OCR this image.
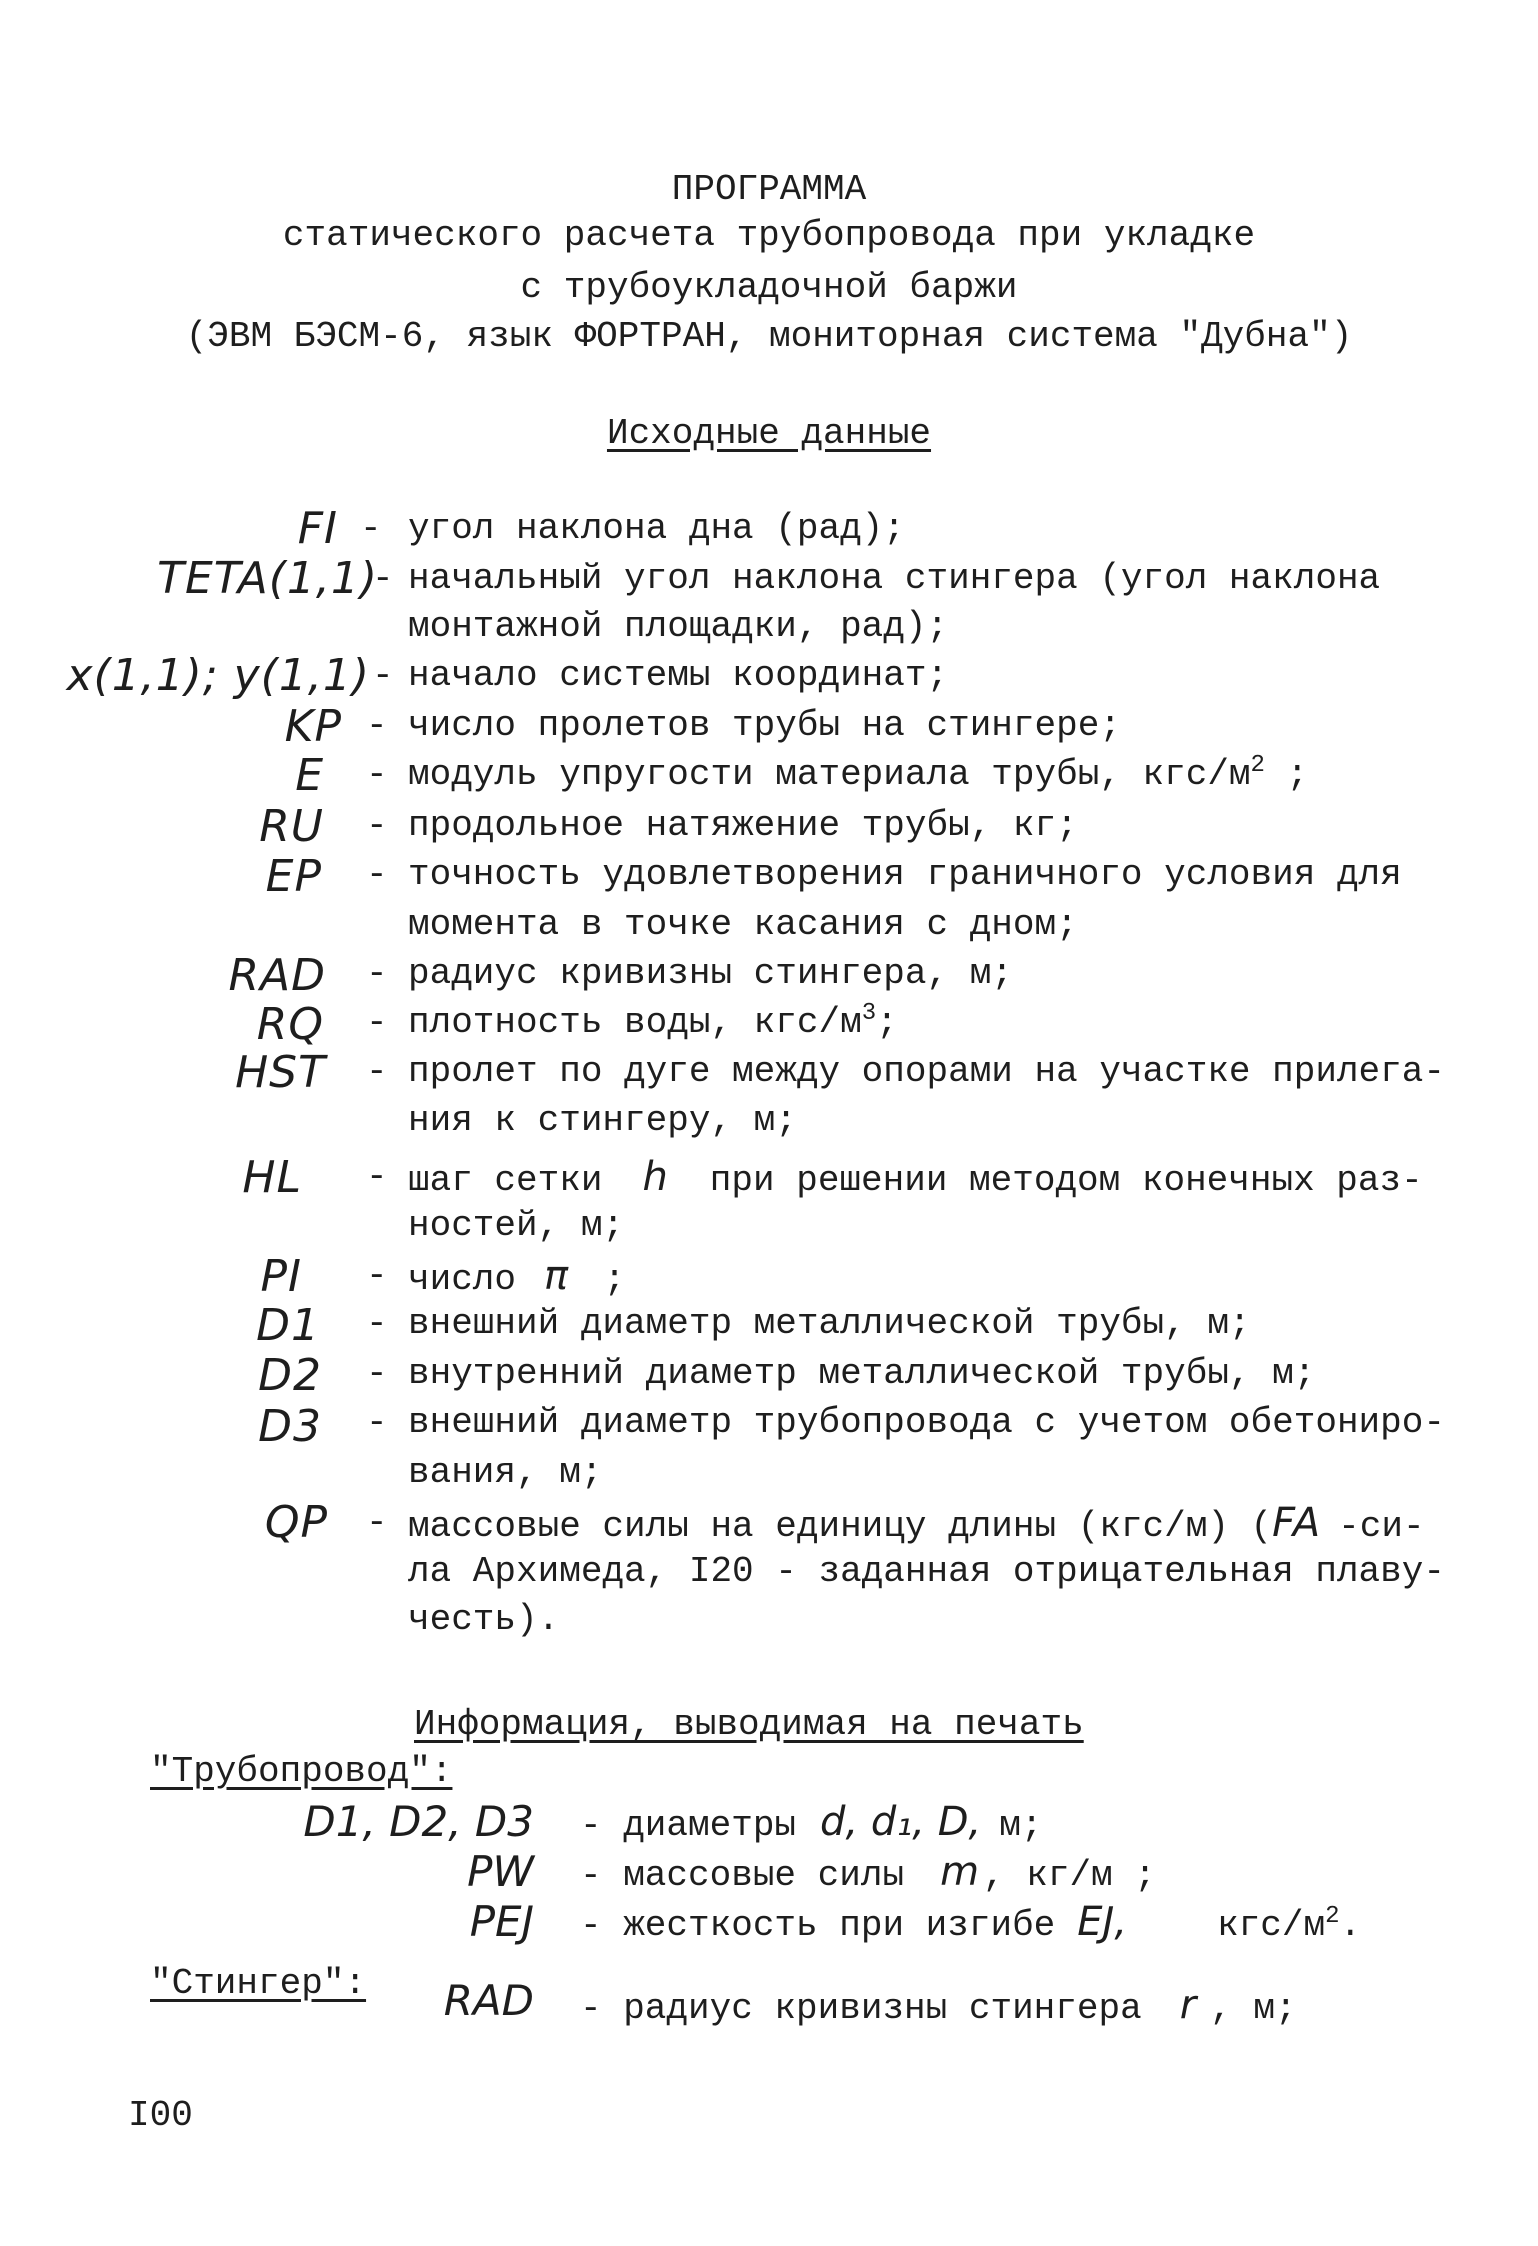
ПРОГРАММА
статического расчета трубопровода при укладке
с трубоукладочной баржи
(ЭВМ БЭСМ-6, язык ФОРТРАН, мониторная система "Дубна")
Исходные данные
FI - угол наклона дна (рад);
TETA(1,1)
- начальный угол наклона стингера (угол наклона
монтажной площадки, рад);
x(1,1); y(1,1) - начало системы координат;
KP - число пролетов трубы на стингере;
E - модуль упругости материала трубы, кгс/$м^2$ ;
RU - продольное натяжение трубы, кг;
EP - точность удовлетворения граничного условия для
момента в точке касания с дном;
RAD - радиус кривизны стингера, м;
RQ - плотность воды, кгс/$м^3$;
HST - пролет по дуге между опорами на участке прилега-
ния к стингеру, м;
HL - шаг сетки h при решении методом конечных раз-
ностей, м;
PI - число π ;
D1 - внешний диаметр металлической трубы, м;
D2 - внутренний диаметр металлической трубы, м;
D3 - внешний диаметр трубопровода с учетом обетониро-
вания, м;
QP - массовые силы на единицу длины (кгс/м) (FA -си-
ла Архимеда, I20 - заданная отрицательная плаву-
честь).
Информация, выводимая на печать
"Трубопровод":
D1, D2, D3 - диаметры d, d₁, D, м;
PW - массовые силы m , кг/м ;
PEJ - жесткость при изгибе EJ,	кгс/$м^2$.
"Стингер": RAD - радиус кривизны стингера r , м;
I00
